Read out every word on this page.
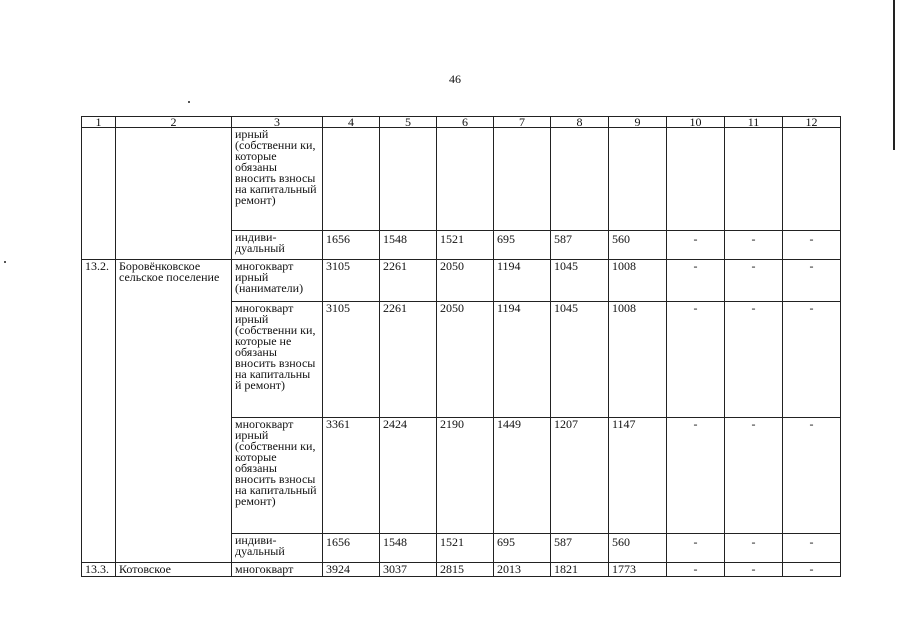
46
1	2	3	4	5	6	7	8	9	10	11	12
		ирный (собственни ки, которые обязаны вносить взносы на капитальный ремонт)									
		индиви- дуальный	1656	1548	1521	695	587	560	-	-	-
13.2.	Боровёнковское сельское поселение	многокварт ирный (наниматели)	3105	2261	2050	1194	1045	1008	-	-	-
		многокварт ирный (собственни ки, которые не обязаны вносить взносы на капитальны й ремонт)	3105	2261	2050	1194	1045	1008	-	-	-
		многокварт ирный (собственни ки, которые обязаны вносить взносы на капитальный ремонт)	3361	2424	2190	1449	1207	1147	-	-	-
		индиви- дуальный	1656	1548	1521	695	587	560	-	-	-
13.3.	Котовское	многокварт	3924	3037	2815	2013	1821	1773	-	-	-
